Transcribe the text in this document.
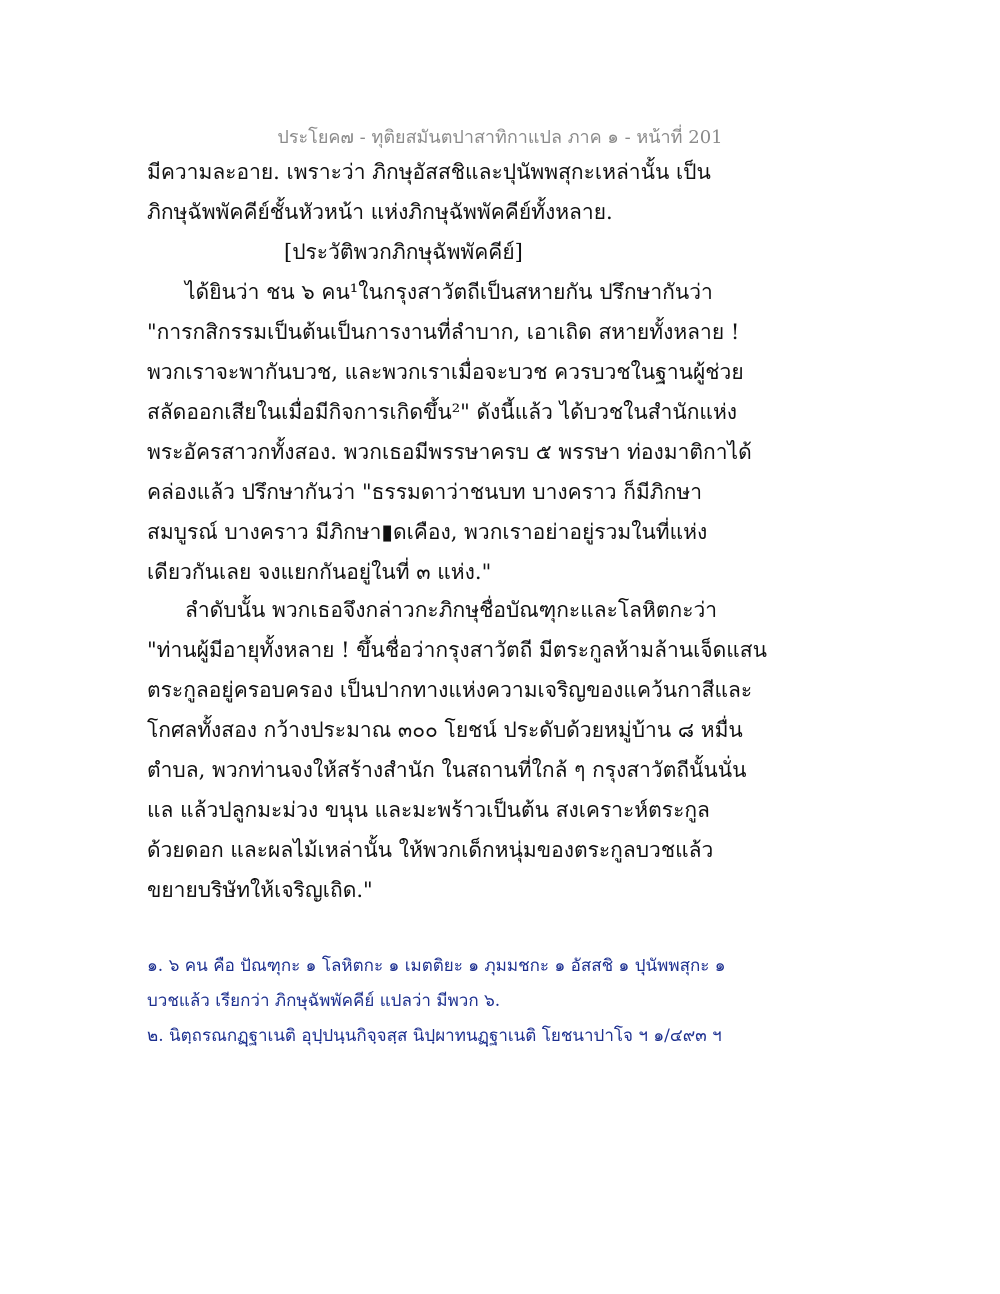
ประโยค๗ - ทุติยสมันตปาสาทิกาแปล ภาค ๑ - หน้าที่ 201
มีความละอาย. เพราะว่า ภิกษุอัสสชิและปุนัพพสุกะเหล่านั้น เป็น
ภิกษุฉัพพัคคีย์ชั้นหัวหน้า แห่งภิกษุฉัพพัคคีย์ทั้งหลาย.
[ประวัติพวกภิกษุฉัพพัคคีย์]
ได้ยินว่า ชน ๖ คน¹ในกรุงสาวัตถีเป็นสหายกัน ปรึกษากันว่า
"การกสิกรรมเป็นต้นเป็นการงานที่ลำบาก, เอาเถิด สหายทั้งหลาย !
พวกเราจะพากันบวช, และพวกเราเมื่อจะบวช ควรบวชในฐานผู้ช่วย
สลัดออกเสียในเมื่อมีกิจการเกิดขึ้น²" ดังนี้แล้ว ได้บวชในสำนักแห่ง
พระอัครสาวกทั้งสอง. พวกเธอมีพรรษาครบ ๕ พรรษา ท่องมาติกาได้
คล่องแล้ว ปรึกษากันว่า "ธรรมดาว่าชนบท บางคราว ก็มีภิกษา
สมบูรณ์ บางคราว มีภิกษา▮ดเคือง, พวกเราอย่าอยู่รวมในที่แห่ง
เดียวกันเลย จงแยกกันอยู่ในที่ ๓ แห่ง."
ลำดับนั้น พวกเธอจึงกล่าวกะภิกษุชื่อบัณฑุกะและโลหิตกะว่า
"ท่านผู้มีอายุทั้งหลาย ! ขึ้นชื่อว่ากรุงสาวัตถี มีตระกูลห้ามล้านเจ็ดแสน
ตระกูลอยู่ครอบครอง เป็นปากทางแห่งความเจริญของแคว้นกาสีและ
โกศลทั้งสอง กว้างประมาณ ๓๐๐ โยชน์ ประดับด้วยหมู่บ้าน ๘ หมื่น
ตำบล, พวกท่านจงให้สร้างสำนัก ในสถานที่ใกล้ ๆ กรุงสาวัตถีนั้นนั่น
แล แล้วปลูกมะม่วง ขนุน และมะพร้าวเป็นต้น สงเคราะห์ตระกูล
ด้วยดอก และผลไม้เหล่านั้น ให้พวกเด็กหนุ่มของตระกูลบวชแล้ว
ขยายบริษัทให้เจริญเถิด."
๑. ๖ คน คือ ปัณฑุกะ ๑ โลหิตกะ ๑ เมตติยะ ๑ ภุมมชกะ ๑ อัสสชิ ๑ ปุนัพพสุกะ ๑
บวชแล้ว เรียกว่า ภิกษุฉัพพัคคีย์ แปลว่า มีพวก ๖.
๒. นิตฺถรณกฏฺฐาเนติ อุปฺปนฺนกิจฺจสฺส นิปฺผาทนฏฺฐาเนติ โยชนาปาโจ ฯ ๑/๔๙๓ ฯ
